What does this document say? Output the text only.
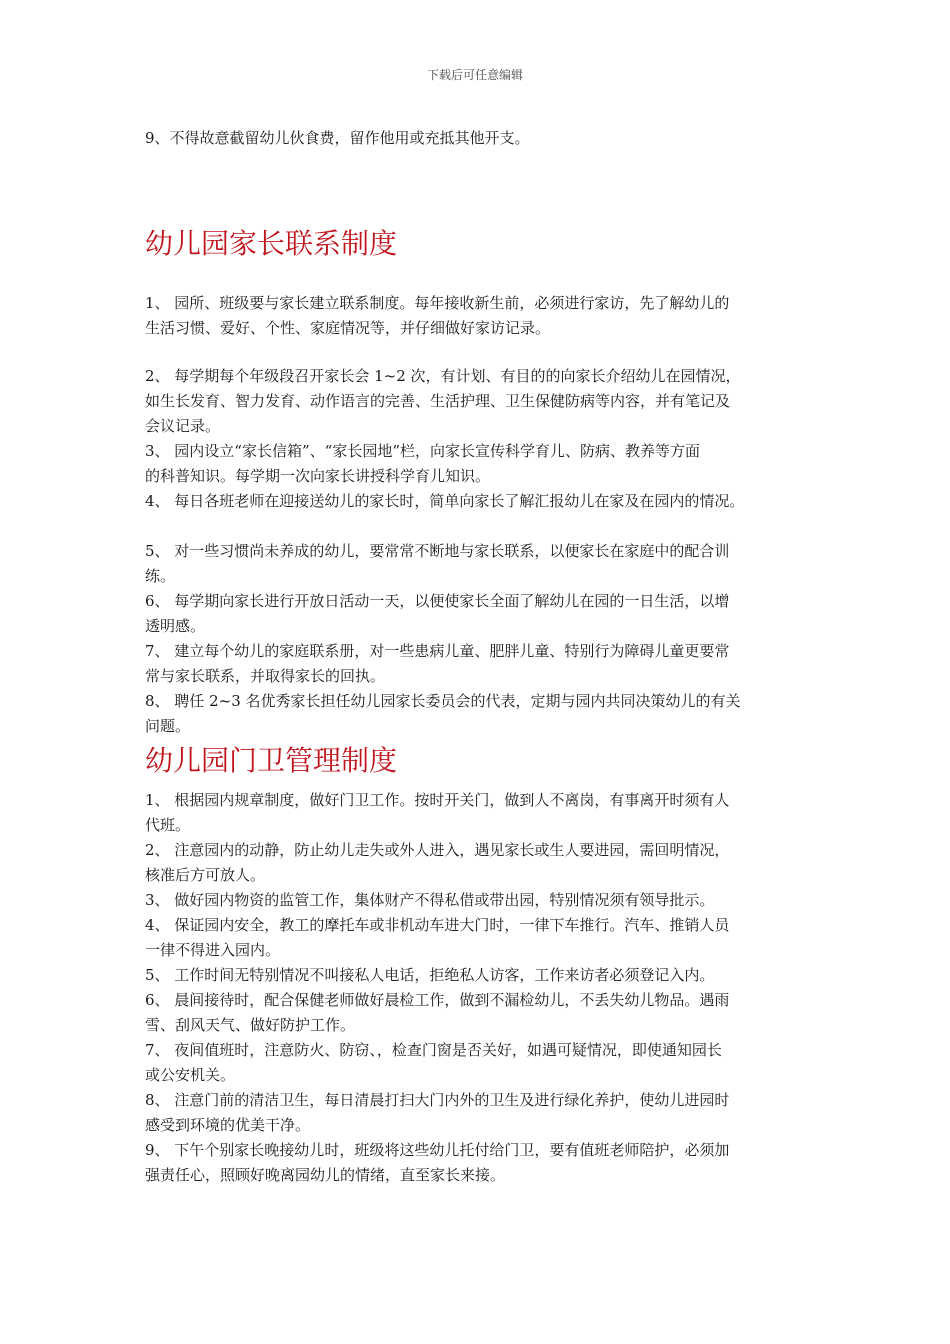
下载后可任意编辑
9、不得故意截留幼儿伙食费，留作他用或充抵其他开支。
幼儿园家长联系制度
1、 园所、班级要与家长建立联系制度。每年接收新生前，必须进行家访，先了解幼儿的
生活习惯、爱好、个性、家庭情况等，并仔细做好家访记录。
2、 每学期每个年级段召开家长会 1~2 次，有计划、有目的的向家长介绍幼儿在园情况，
如生长发育、智力发育、动作语言的完善、生活护理、卫生保健防病等内容，并有笔记及
会议记录。
3、 园内设立“家长信箱”、“家长园地”栏，向家长宣传科学育儿、防病、教养等方面
的科普知识。每学期一次向家长讲授科学育儿知识。
4、 每日各班老师在迎接送幼儿的家长时，简单向家长了解汇报幼儿在家及在园内的情况。
5、 对一些习惯尚未养成的幼儿，要常常不断地与家长联系，以便家长在家庭中的配合训
练。
6、 每学期向家长进行开放日活动一天，以便使家长全面了解幼儿在园的一日生活，以增
透明感。
7、 建立每个幼儿的家庭联系册，对一些患病儿童、肥胖儿童、特别行为障碍儿童更要常
常与家长联系，并取得家长的回执。
8、 聘任 2~3 名优秀家长担任幼儿园家长委员会的代表，定期与园内共同决策幼儿的有关
问题。
幼儿园门卫管理制度
1、 根据园内规章制度，做好门卫工作。按时开关门，做到人不离岗，有事离开时须有人
代班。
2、 注意园内的动静，防止幼儿走失或外人进入，遇见家长或生人要进园，需回明情况，
核准后方可放人。
3、 做好园内物资的监管工作，集体财产不得私借或带出园，特别情况须有领导批示。
4、 保证园内安全，教工的摩托车或非机动车进大门时，一律下车推行。汽车、推销人员
一律不得进入园内。
5、 工作时间无特别情况不叫接私人电话，拒绝私人访客，工作来访者必须登记入内。
6、 晨间接待时，配合保健老师做好晨检工作，做到不漏检幼儿，不丢失幼儿物品。遇雨
雪、刮风天气、做好防护工作。
7、 夜间值班时，注意防火、防窃、，检查门窗是否关好，如遇可疑情况，即使通知园长
或公安机关。
8、 注意门前的清洁卫生，每日清晨打扫大门内外的卫生及进行绿化养护，使幼儿进园时
感受到环境的优美干净。
9、 下午个别家长晚接幼儿时，班级将这些幼儿托付给门卫，要有值班老师陪护，必须加
强责任心，照顾好晚离园幼儿的情绪，直至家长来接。
